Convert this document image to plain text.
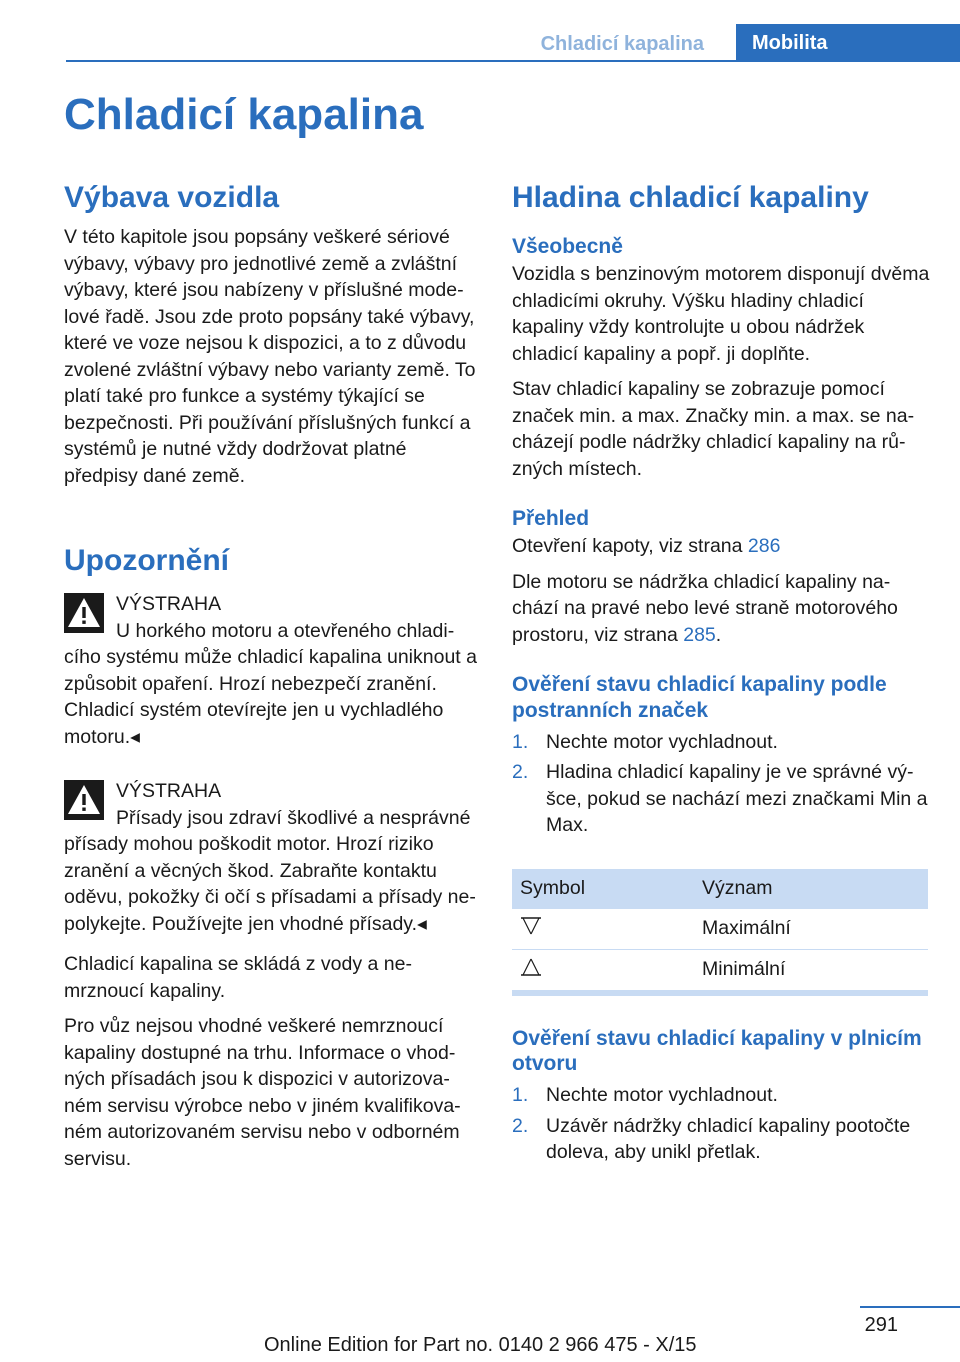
Chladicí kapalina	Mobilita
Chladicí kapalina
Výbava vozidla

V této kapitole jsou popsány veškeré sériové výbavy, výbavy pro jednotlivé země a zvláštní výbavy, které jsou nabízeny v příslušné modelové řadě. Jsou zde proto popsány také výbavy, které ve voze nejsou k dispozici, a to z důvodu zvolené zvláštní výbavy nebo varianty země. To platí také pro funkce a systémy týkající se bezpečnosti. Při používání příslušných funkcí a systémů je nutné vždy dodržovat platné předpisy dané země.

Upozornění
VÝSTRAHA
U horkého motoru a otevřeného chladicího systému může chladicí kapalina uniknout a způsobit opaření. Hrozí nebezpečí zranění. Chladicí systém otevírejte jen u vychladlého motoru.◂
VÝSTRAHA
Přísady jsou zdraví škodlivé a nesprávné přísady mohou poškodit motor. Hrozí riziko zranění a věcných škod. Zabraňte kontaktu oděvu, pokožky či očí s přísadami a přísady nepolykejte. Používejte jen vhodné přísady.◂

Chladicí kapalina se skládá z vody a nemrznoucí kapaliny.

Pro vůz nejsou vhodné veškeré nemrznoucí kapaliny dostupné na trhu. Informace o vhodných přísadách jsou k dispozici v autorizovaném servisu výrobce nebo v jiném kvalifikovaném autorizovaném servisu nebo v odborném servisu.

Hladina chladicí kapaliny
Všeobecně

Vozidla s benzinovým motorem disponují dvěma chladicími okruhy. Výšku hladiny chladicí kapaliny vždy kontrolujte u obou nádržek chladicí kapaliny a popř. ji doplňte.

Stav chladicí kapaliny se zobrazuje pomocí značek min. a max. Značky min. a max. se nacházejí podle nádržky chladicí kapaliny na různých místech.

Přehled

Otevření kapoty, viz strana 286

Dle motoru se nádržka chladicí kapaliny nachází na pravé nebo levé straně motorového prostoru, viz strana 285.

Ověření stavu chladicí kapaliny podle postranních značek
1. Nechte motor vychladnout.
2. Hladina chladicí kapaliny je ve správné výšce, pokud se nachází mezi značkami Min a Max.
Symbol	Význam
	Maximální
	Minimální
Ověření stavu chladicí kapaliny v plnicím otvoru
1. Nechte motor vychladnout.
2. Uzávěr nádržky chladicí kapaliny pootočte doleva, aby unikl přetlak.
291
Online Edition for Part no. 0140 2 966 475 - X/15
